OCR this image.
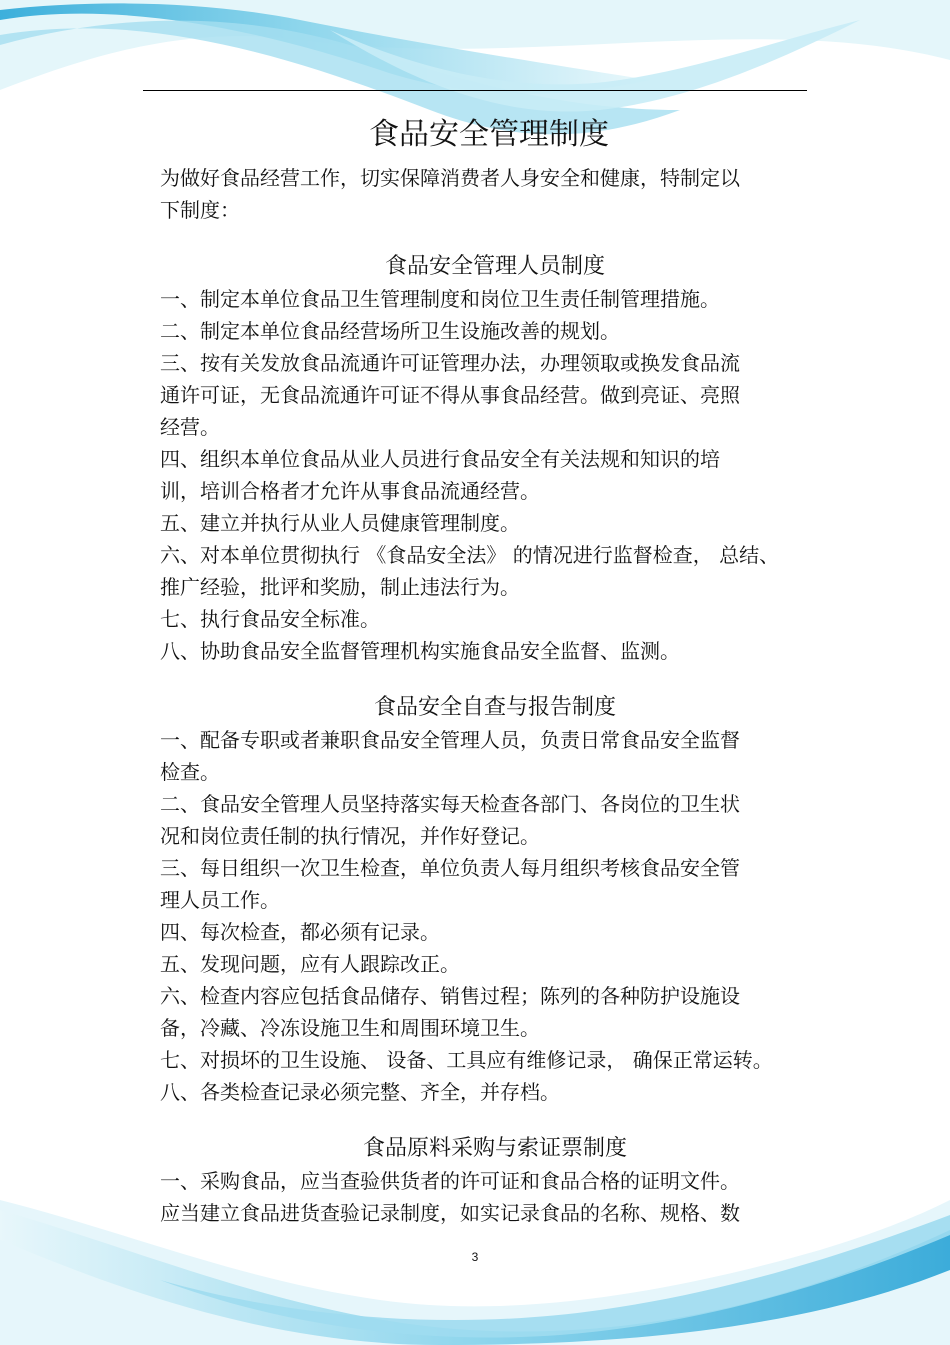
食品安全管理制度
为做好食品经营工作，切实保障消费者人身安全和健康，特制定以
下制度：
食品安全管理人员制度
一、制定本单位食品卫生管理制度和岗位卫生责任制管理措施。
二、制定本单位食品经营场所卫生设施改善的规划。
三、按有关发放食品流通许可证管理办法，办理领取或换发食品流
通许可证，无食品流通许可证不得从事食品经营。做到亮证、亮照
经营。
四、组织本单位食品从业人员进行食品安全有关法规和知识的培
训，培训合格者才允许从事食品流通经营。
五、建立并执行从业人员健康管理制度。
六、对本单位贯彻执行 《食品安全法》 的情况进行监督检查， 总结、
推广经验，批评和奖励，制止违法行为。
七、执行食品安全标准。
八、协助食品安全监督管理机构实施食品安全监督、监测。
食品安全自查与报告制度
一、配备专职或者兼职食品安全管理人员，负责日常食品安全监督
检查。
二、食品安全管理人员坚持落实每天检查各部门、各岗位的卫生状
况和岗位责任制的执行情况，并作好登记。
三、每日组织一次卫生检查，单位负责人每月组织考核食品安全管
理人员工作。
四、每次检查，都必须有记录。
五、发现问题，应有人跟踪改正。
六、检查内容应包括食品储存、销售过程；陈列的各种防护设施设
备，冷藏、冷冻设施卫生和周围环境卫生。
七、对损坏的卫生设施、 设备、工具应有维修记录， 确保正常运转。
八、各类检查记录必须完整、齐全，并存档。
食品原料采购与索证票制度
一、采购食品，应当查验供货者的许可证和食品合格的证明文件。
应当建立食品进货查验记录制度，如实记录食品的名称、规格、数
3
